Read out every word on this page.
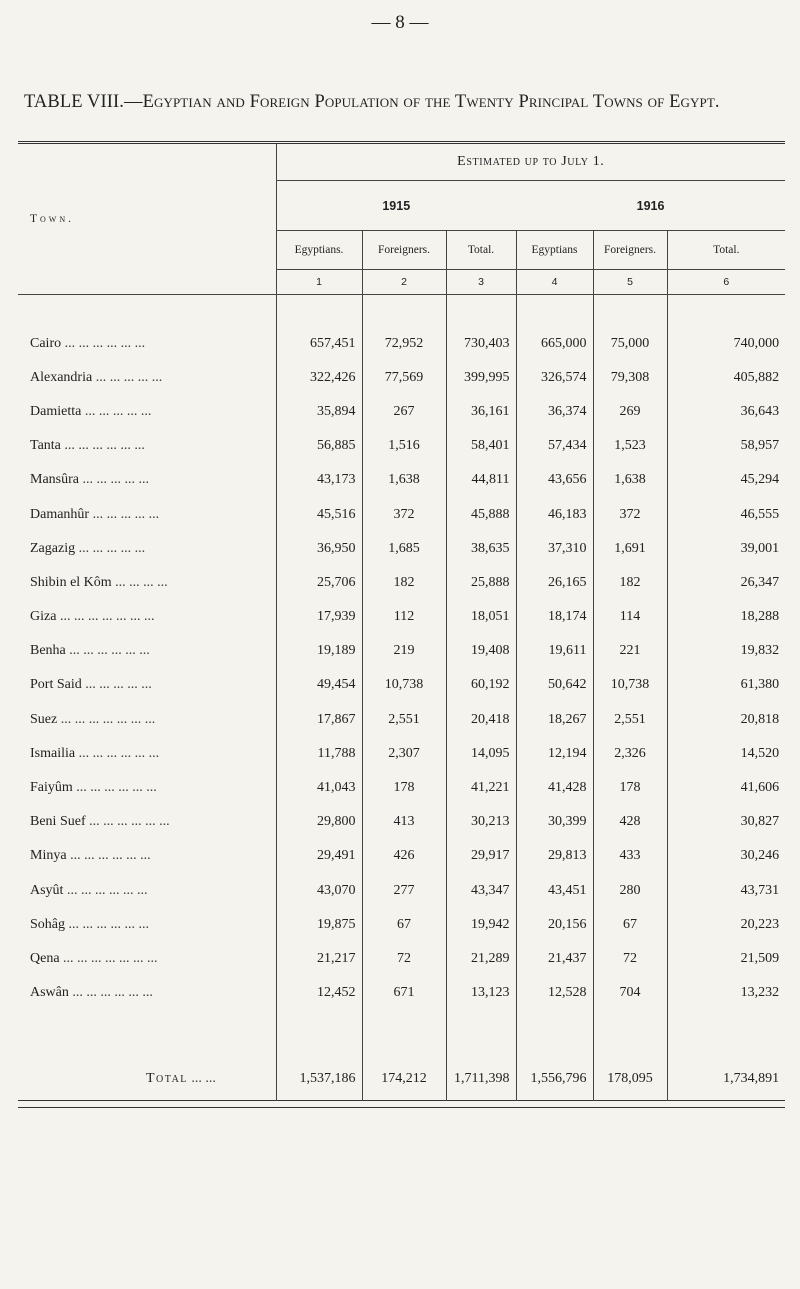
— 8 —
TABLE VIII.—Egyptian and Foreign Population of the Twenty Principal Towns of Egypt.
Town.	Estimated up to July 1.					
	1915			1916		
	Egyptians.	Foreigners.	Total.	Egyptians	Foreigners.	Total.
	1	2	3	4	5	6

Cairo ... ... ... ... ... ...	657,451	72,952	730,403	665,000	75,000	740,000
Alexandria ... ... ... ... ...	322,426	77,569	399,995	326,574	79,308	405,882
Damietta ... ... ... ... ...	35,894	267	36,161	36,374	269	36,643
Tanta ... ... ... ... ... ...	56,885	1,516	58,401	57,434	1,523	58,957
Mansûra ... ... ... ... ...	43,173	1,638	44,811	43,656	1,638	45,294
Damanhûr ... ... ... ... ...	45,516	372	45,888	46,183	372	46,555
Zagazig ... ... ... ... ...	36,950	1,685	38,635	37,310	1,691	39,001
Shibin el Kôm ... ... ... ...	25,706	182	25,888	26,165	182	26,347
Giza ... ... ... ... ... ... ...	17,939	112	18,051	18,174	114	18,288
Benha ... ... ... ... ... ...	19,189	219	19,408	19,611	221	19,832
Port Said ... ... ... ... ...	49,454	10,738	60,192	50,642	10,738	61,380
Suez ... ... ... ... ... ... ...	17,867	2,551	20,418	18,267	2,551	20,818
Ismailia ... ... ... ... ... ...	11,788	2,307	14,095	12,194	2,326	14,520
Faiyûm ... ... ... ... ... ...	41,043	178	41,221	41,428	178	41,606
Beni Suef ... ... ... ... ... ...	29,800	413	30,213	30,399	428	30,827
Minya ... ... ... ... ... ...	29,491	426	29,917	29,813	433	30,246
Asyût ... ... ... ... ... ...	43,070	277	43,347	43,451	280	43,731
Sohâg ... ... ... ... ... ...	19,875	67	19,942	20,156	67	20,223
Qena ... ... ... ... ... ... ...	21,217	72	21,289	21,437	72	21,509
Aswân ... ... ... ... ... ...	12,452	671	13,123	12,528	704	13,232

Total ... ...	1,537,186	174,212	1,711,398	1,556,796	178,095	1,734,891
